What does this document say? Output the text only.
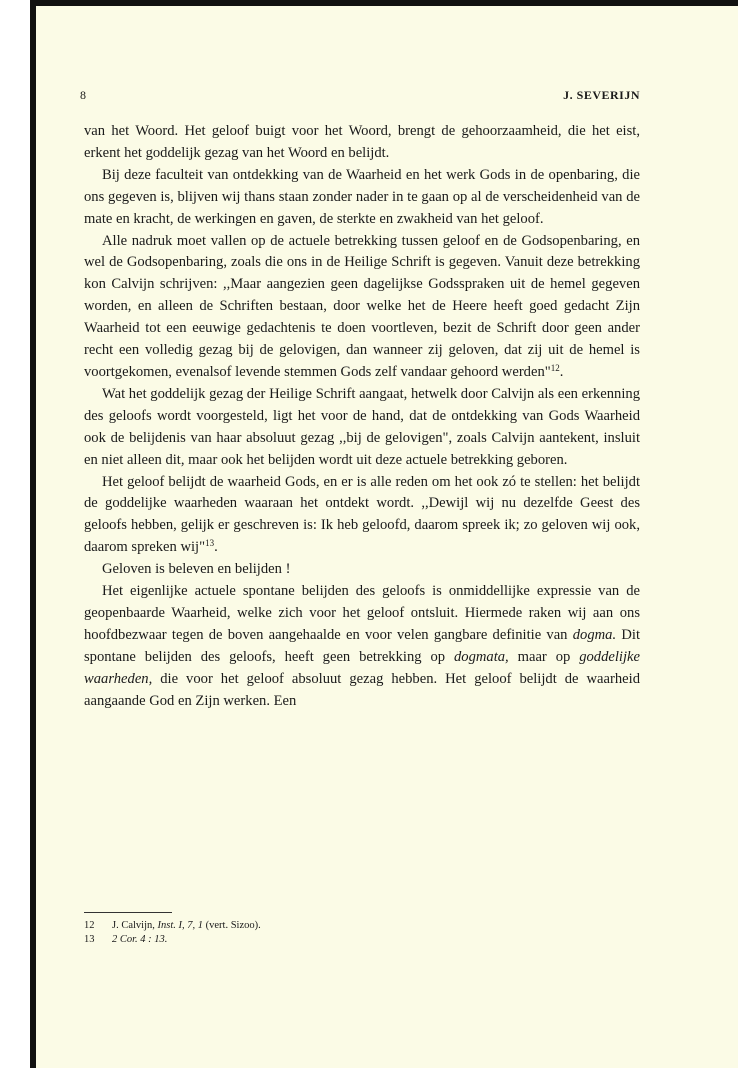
8	J. SEVERIJN

van het Woord. Het geloof buigt voor het Woord, brengt de gehoorzaamheid, die het eist, erkent het goddelijk gezag van het Woord en belijdt.

Bij deze faculteit van ontdekking van de Waarheid en het werk Gods in de openbaring, die ons gegeven is, blijven wij thans staan zonder nader in te gaan op al de verscheidenheid van de mate en kracht, de werkingen en gaven, de sterkte en zwakheid van het geloof.

Alle nadruk moet vallen op de actuele betrekking tussen geloof en de Godsopenbaring, en wel de Godsopenbaring, zoals die ons in de Heilige Schrift is gegeven. Vanuit deze betrekking kon Calvijn schrijven: ,,Maar aangezien geen dagelijkse Godsspraken uit de hemel gegeven worden, en alleen de Schriften bestaan, door welke het de Heere heeft goed gedacht Zijn Waarheid tot een eeuwige gedachtenis te doen voortleven, bezit de Schrift door geen ander recht een volledig gezag bij de gelovigen, dan wanneer zij geloven, dat zij uit de hemel is voortgekomen, evenalsof levende stemmen Gods zelf vandaar gehoord werden"$^{12}$.

Wat het goddelijk gezag der Heilige Schrift aangaat, hetwelk door Calvijn als een erkenning des geloofs wordt voorgesteld, ligt het voor de hand, dat de ontdekking van Gods Waarheid ook de belijdenis van haar absoluut gezag ,,bij de gelovigen", zoals Calvijn aantekent, insluit en niet alleen dit, maar ook het belijden wordt uit deze actuele betrekking geboren.

Het geloof belijdt de waarheid Gods, en er is alle reden om het ook zó te stellen: het belijdt de goddelijke waarheden waaraan het ontdekt wordt. ,,Dewijl wij nu dezelfde Geest des geloofs hebben, gelijk er geschreven is: Ik heb geloofd, daarom spreek ik; zo geloven wij ook, daarom spreken wij"$^{13}$.

Geloven is beleven en belijden !

Het eigenlijke actuele spontane belijden des geloofs is onmiddellijke expressie van de geopenbaarde Waarheid, welke zich voor het geloof ontsluit. Hiermede raken wij aan ons hoofdbezwaar tegen de boven aangehaalde en voor velen gangbare definitie van dogma. Dit spontane belijden des geloofs, heeft geen betrekking op dogmata, maar op goddelijke waarheden, die voor het geloof absoluut gezag hebben. Het geloof belijdt de waarheid aangaande God en Zijn werken. Een

12 J. Calvijn, Inst. I, 7, 1 (vert. Sizoo).
13 2 Cor. 4 : 13.
